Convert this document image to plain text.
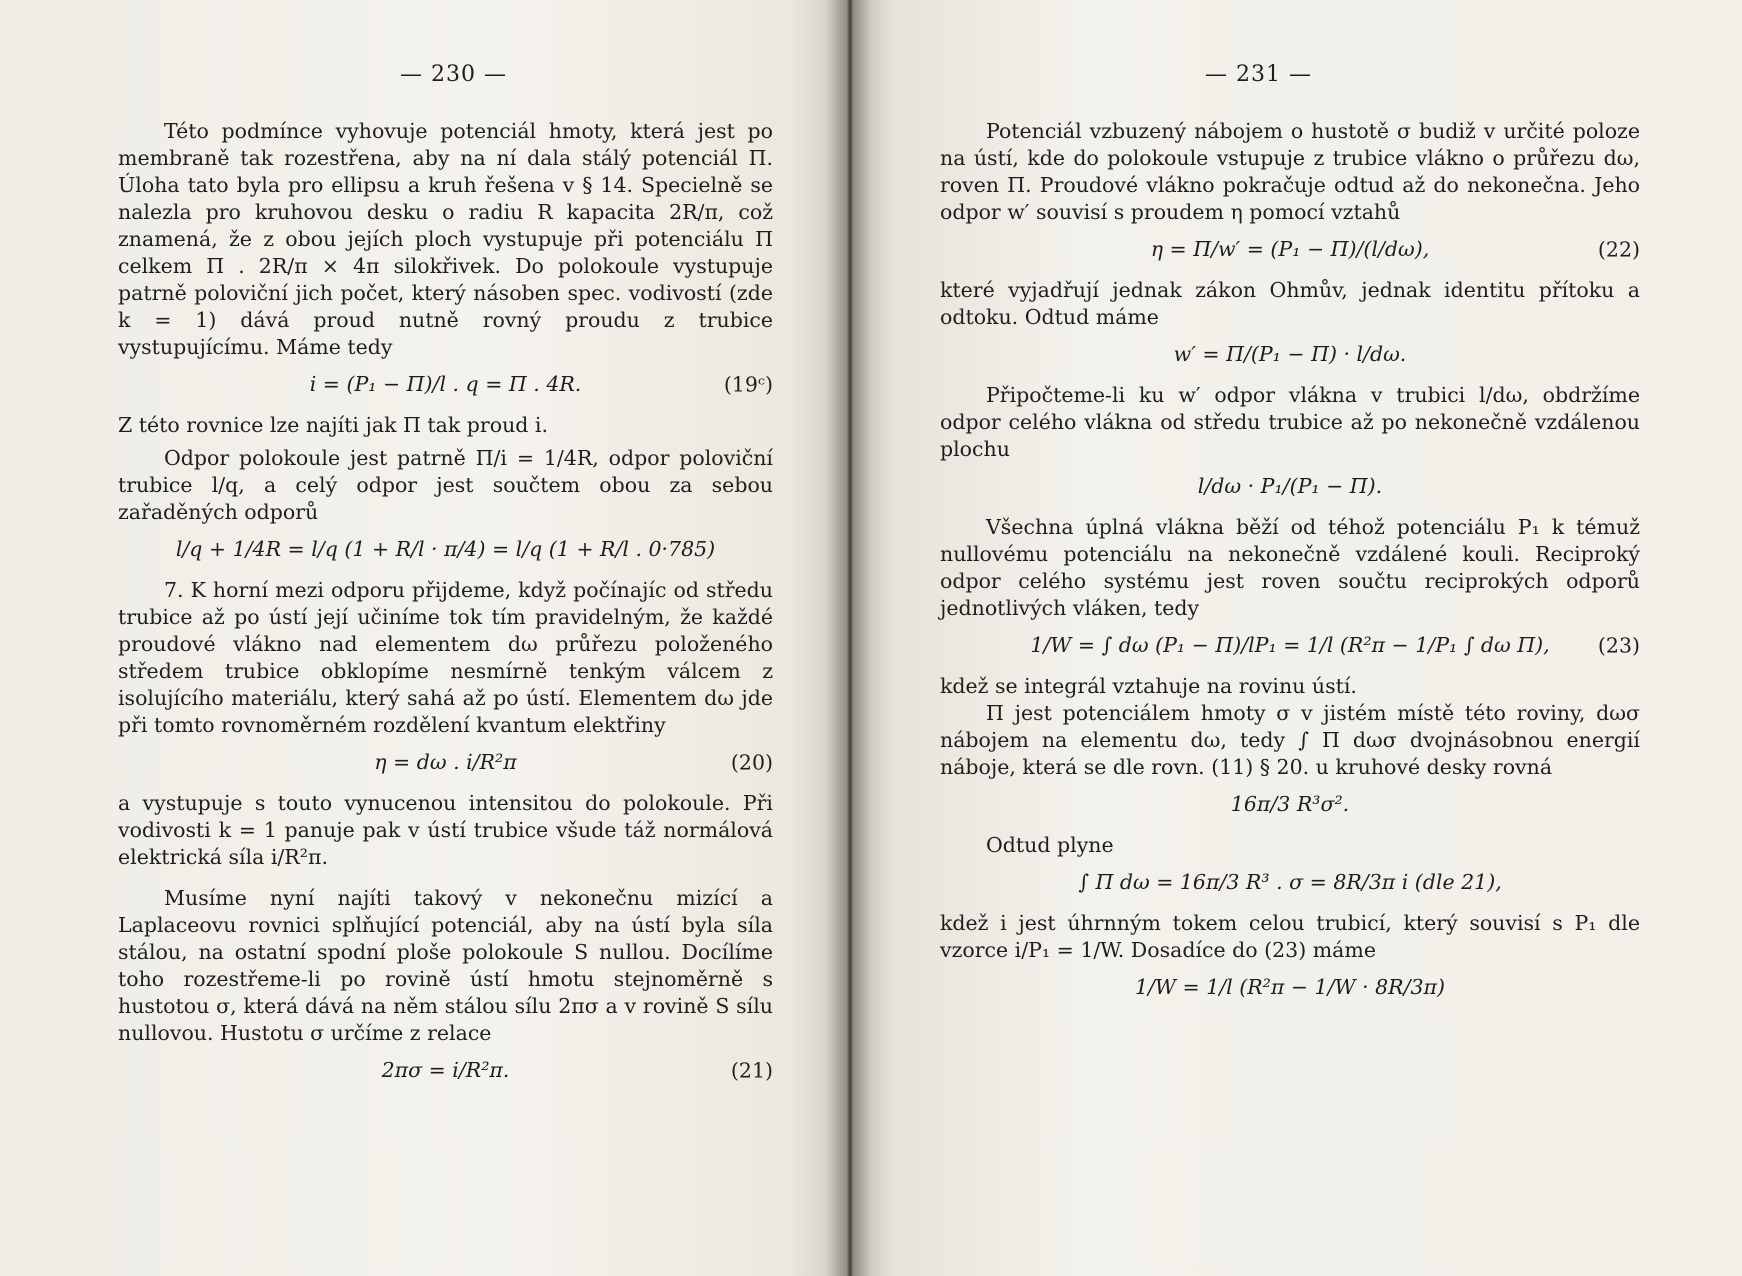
— 230 —

Této podmínce vyhovuje potenciál hmoty, která jest po membraně tak rozestřena, aby na ní dala stálý potenciál Π. Úloha tato byla pro ellipsu a kruh řešena v § 14. Specielně se nalezla pro kruhovou desku o radiu R kapacita 2R/π, což znamená, že z obou jejích ploch vystupuje při potenciálu Π celkem Π . 2R/π × 4π silokřivek. Do polokoule vystupuje patrně poloviční jich počet, který násoben spec. vodivostí (zde k = 1) dává proud nutně rovný proudu z trubice vystupujícímu. Máme tedy

i = (P₁ − Π)/l . q = Π . 4R.	(19ᶜ)

Z této rovnice lze najíti jak Π tak proud i.

Odpor polokoule jest patrně Π/i = 1/4R, odpor poloviční trubice l/q, a celý odpor jest součtem obou za sebou zařaděných odporů

l/q + 1/4R = l/q (1 + R/l · π/4) = l/q (1 + R/l . 0·785)

7. K horní mezi odporu přijdeme, když počínajíc od středu trubice až po ústí její učiníme tok tím pravidelným, že každé proudové vlákno nad elementem dω průřezu položeného středem trubice obklopíme nesmírně tenkým válcem z isolujícího materiálu, který sahá až po ústí. Elementem dω jde při tomto rovnoměrném rozdělení kvantum elektřiny

η = dω . i/R²π	(20)

a vystupuje s touto vynucenou intensitou do polokoule. Při vodivosti k = 1 panuje pak v ústí trubice všude táž normálová elektrická síla i/R²π.

Musíme nyní najíti takový v nekonečnu mizící a Laplaceovu rovnici splňující potenciál, aby na ústí byla síla stálou, na ostatní spodní ploše polokoule S nullou. Docílíme toho rozestřeme-li po rovině ústí hmotu stejnoměrně s hustotou σ, která dává na něm stálou sílu 2πσ a v rovině S sílu nullovou. Hustotu σ určíme z relace

2πσ = i/R²π.	(21)
— 231 —

Potenciál vzbuzený nábojem o hustotě σ budiž v určité poloze na ústí, kde do polokoule vstupuje z trubice vlákno o průřezu dω, roven Π. Proudové vlákno pokračuje odtud až do nekonečna. Jeho odpor w′ souvisí s proudem η pomocí vztahů

η = Π/w′ = (P₁ − Π)/(l/dω),	(22)

které vyjadřují jednak zákon Ohmův, jednak identitu přítoku a odtoku. Odtud máme

w′ = Π/(P₁ − Π) · l/dω.

Připočteme-li ku w′ odpor vlákna v trubici l/dω, obdržíme odpor celého vlákna od středu trubice až po nekonečně vzdálenou plochu

l/dω · P₁/(P₁ − Π).

Všechna úplná vlákna běží od téhož potenciálu P₁ k témuž nullovému potenciálu na nekonečně vzdálené kouli. Reciproký odpor celého systému jest roven součtu reciprokých odporů jednotlivých vláken, tedy

1/W = ∫ dω (P₁ − Π)/lP₁ = 1/l (R²π − 1/P₁ ∫ dω Π), (23)

kdež se integrál vztahuje na rovinu ústí.

Π jest potenciálem hmoty σ v jistém místě této roviny, dωσ nábojem na elementu dω, tedy ∫ Π dωσ dvojnásobnou energií náboje, která se dle rovn. (11) § 20. u kruhové desky rovná

16π/3 R³σ².

Odtud plyne

∫ Π dω = 16π/3 R³ . σ = 8R/3π i (dle 21),

kdež i jest úhrnným tokem celou trubicí, který souvisí s P₁ dle vzorce i/P₁ = 1/W. Dosadíce do (23) máme

1/W = 1/l (R²π − 1/W · 8R/3π)
